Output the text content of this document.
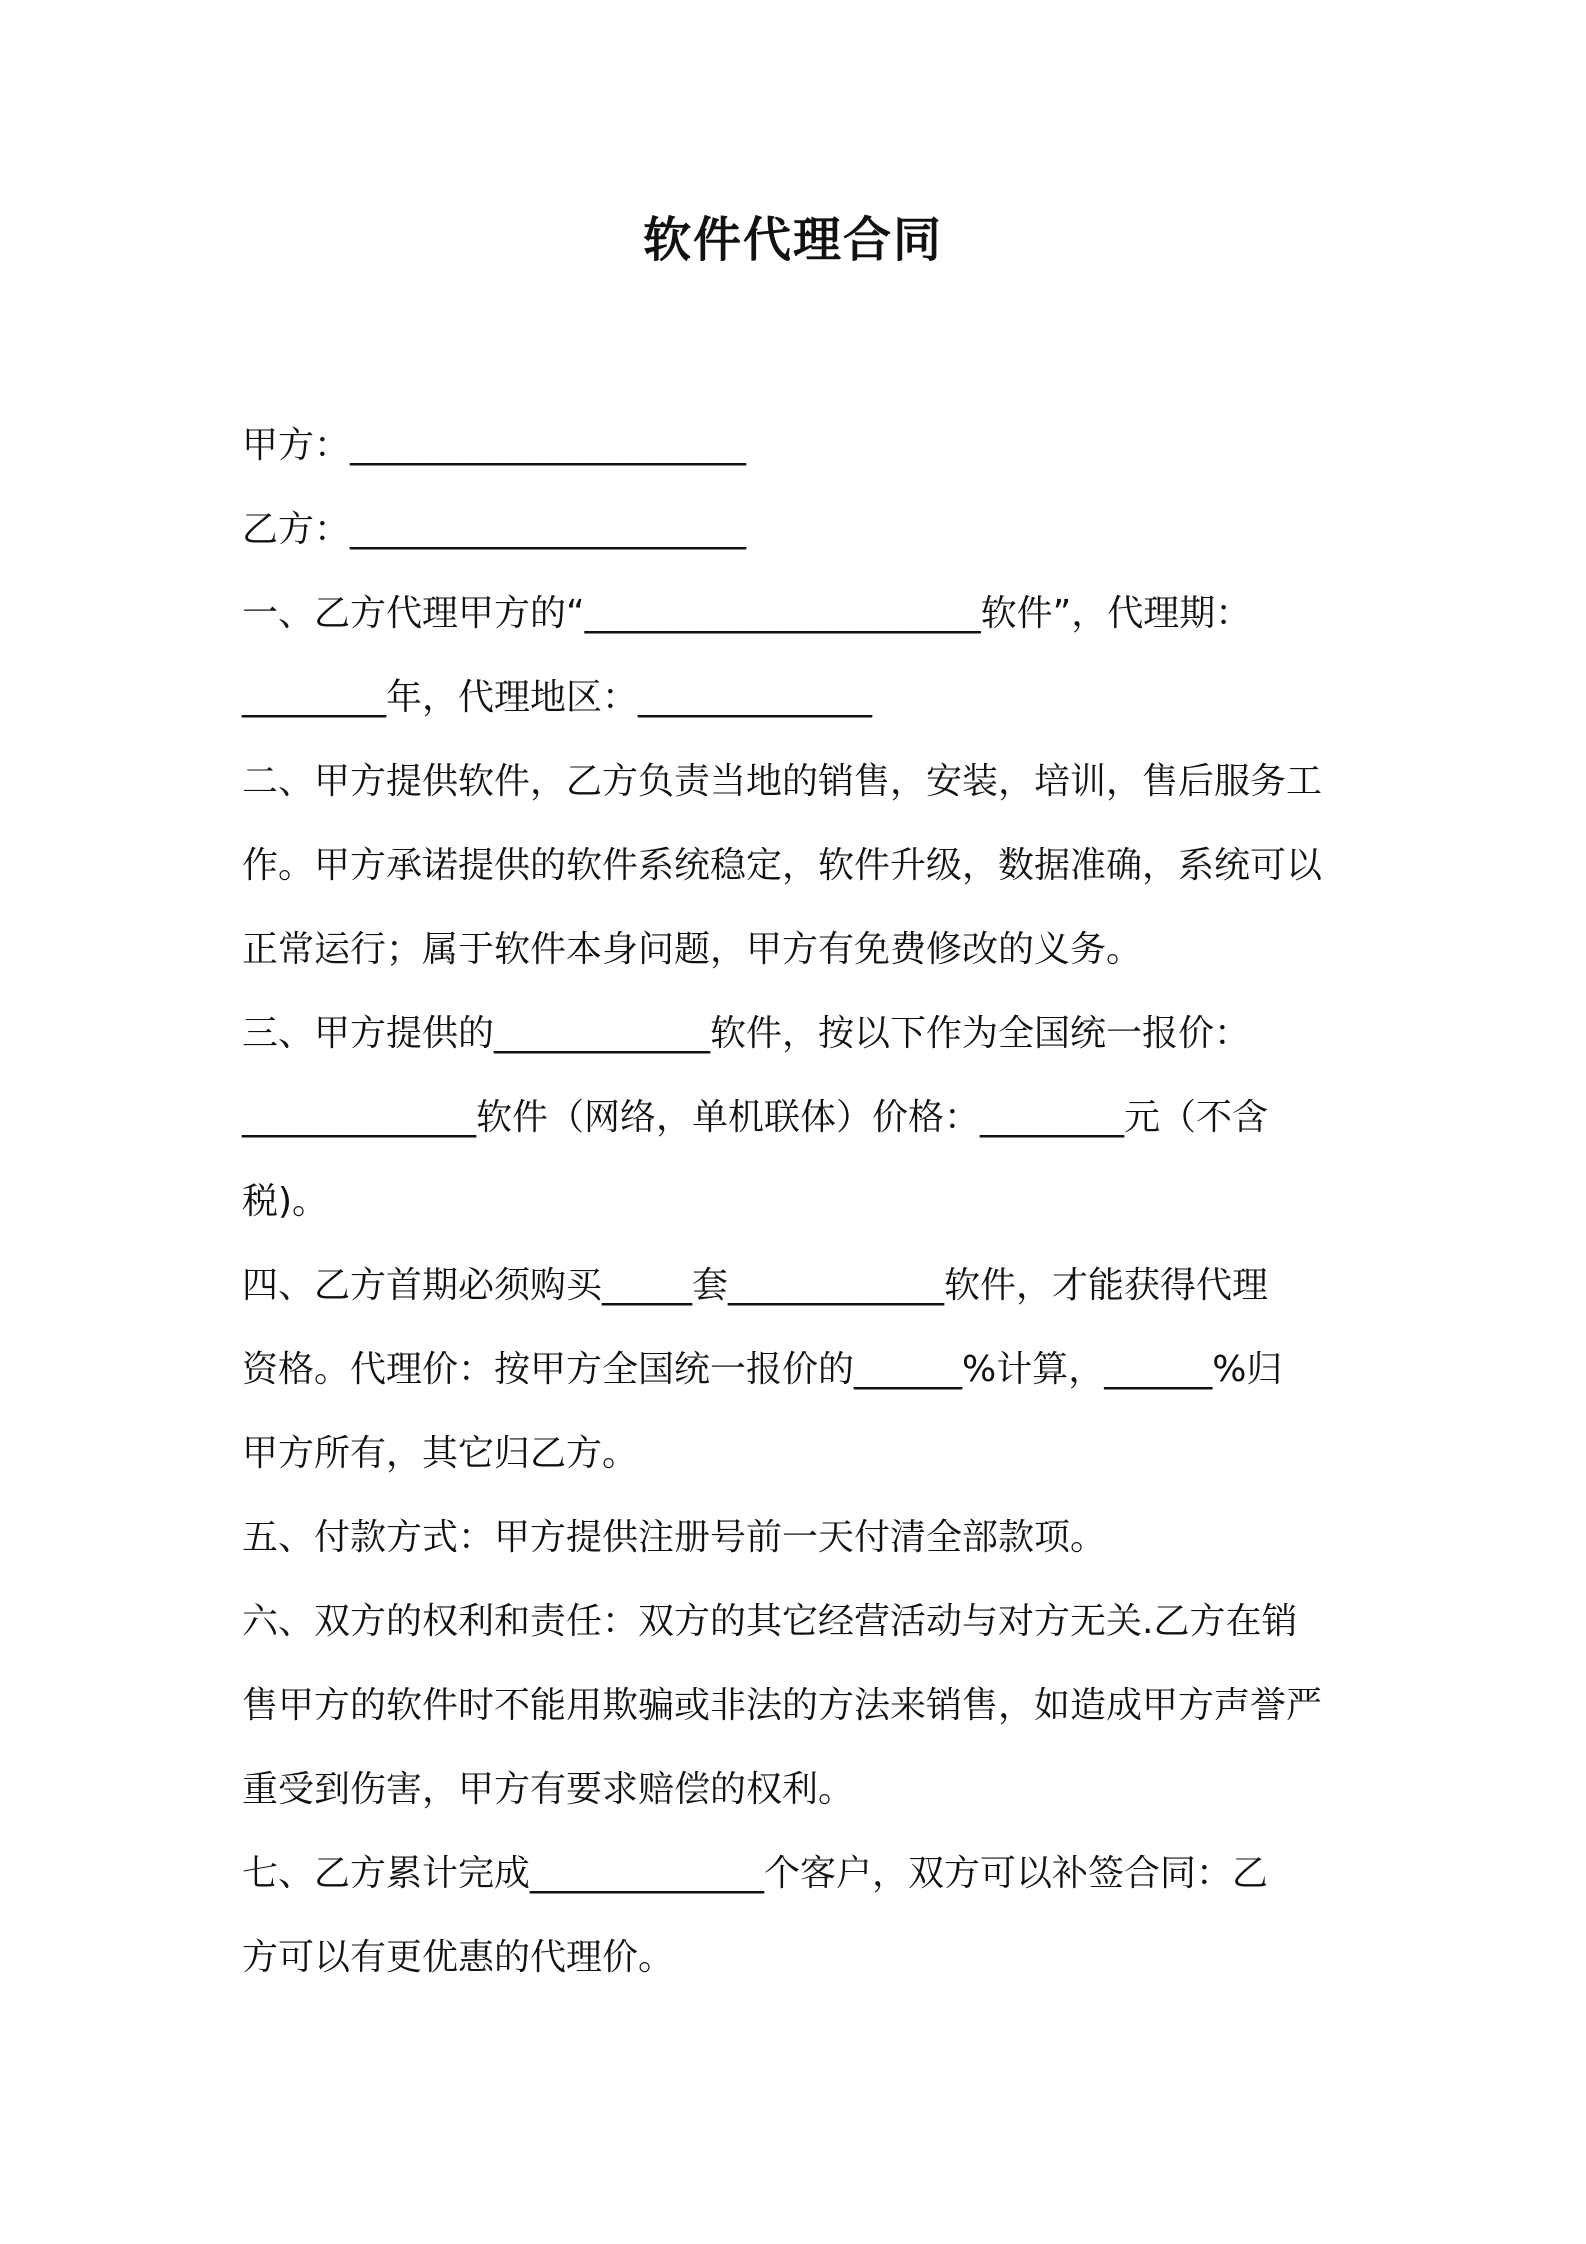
软件代理合同
甲方：______________________
乙方：______________________
一、乙方代理甲方的“______________________软件”，代理期：
________年，代理地区：_____________
二、甲方提供软件，乙方负责当地的销售，安装，培训，售后服务工
作。甲方承诺提供的软件系统稳定，软件升级，数据准确，系统可以
正常运行；属于软件本身问题，甲方有免费修改的义务。
三、甲方提供的____________软件，按以下作为全国统一报价：
_____________软件（网络，单机联体）价格：________元（不含
税)。
四、乙方首期必须购买_____套____________软件，才能获得代理
资格。代理价：按甲方全国统一报价的______%计算，______%归
甲方所有，其它归乙方。
五、付款方式：甲方提供注册号前一天付清全部款项。
六、双方的权利和责任：双方的其它经营活动与对方无关.乙方在销
售甲方的软件时不能用欺骗或非法的方法来销售，如造成甲方声誉严
重受到伤害，甲方有要求赔偿的权利。
七、乙方累计完成_____________个客户，双方可以补签合同：乙
方可以有更优惠的代理价。
